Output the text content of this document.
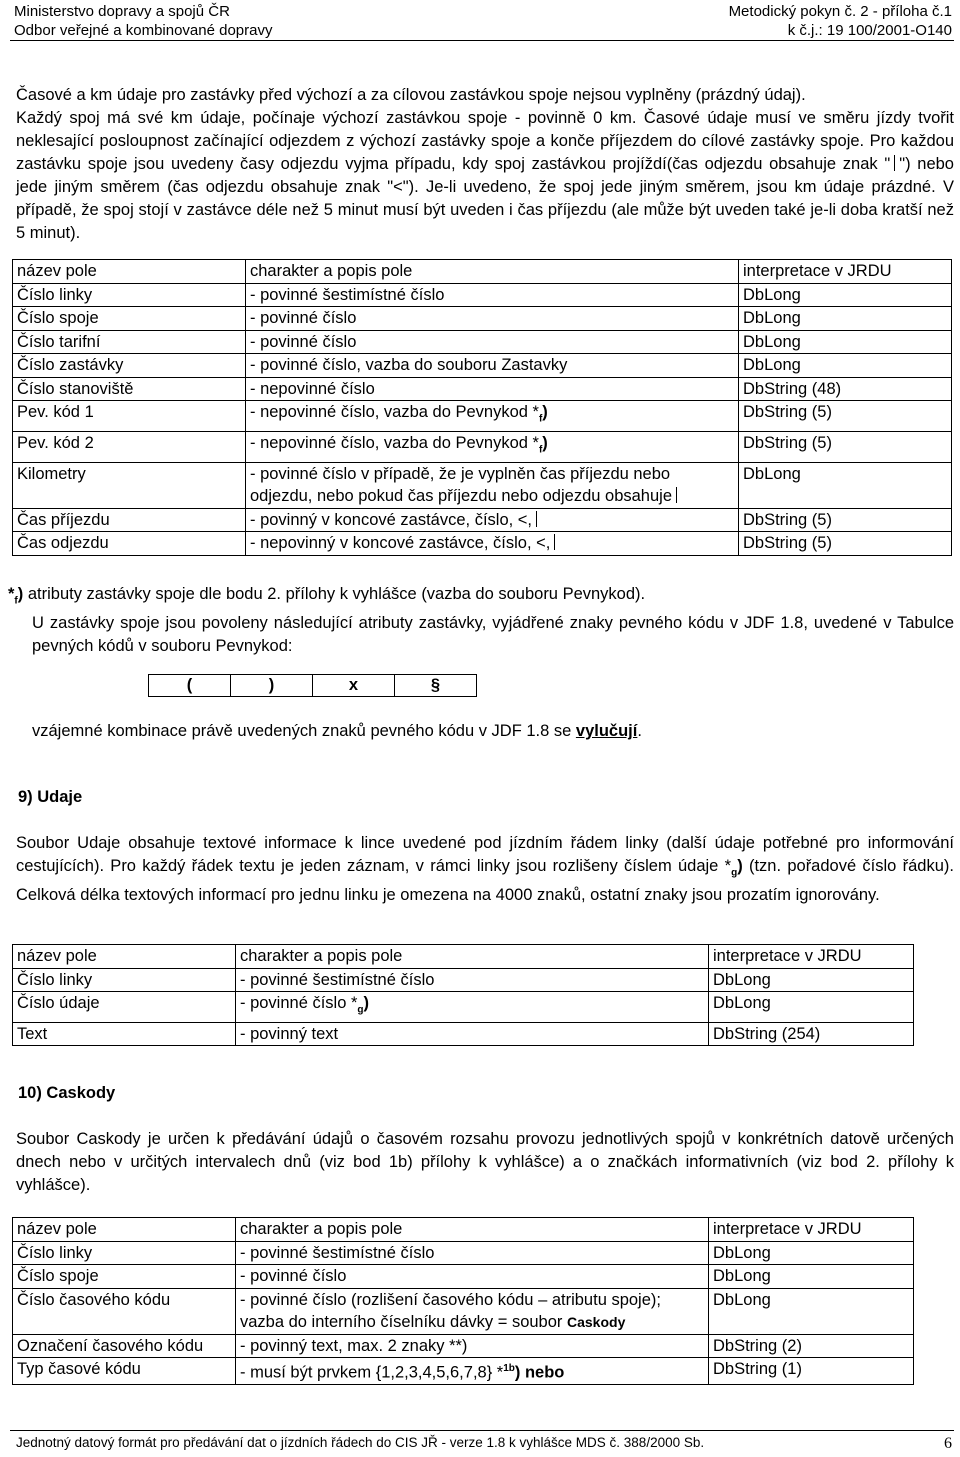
Ministerstvo dopravy a spojů ČR
Odbor veřejné a kombinované dopravy
Metodický pokyn č. 2 - příloha č.1
k č.j.: 19 100/2001-O140
Časové a km údaje pro zastávky před výchozí a za cílovou zastávkou spoje nejsou vyplněny (prázdný údaj).
Každý spoj má své km údaje, počínaje výchozí zastávkou spoje - povinně 0 km. Časové údaje musí ve směru jízdy tvořit neklesající posloupnost začínající odjezdem z výchozí zastávky spoje a konče příjezdem do cílové zastávky spoje. Pro každou zastávku spoje jsou uvedeny časy odjezdu vyjma případu, kdy spoj zastávkou projíždí(čas odjezdu obsahuje znak " ") nebo jede jiným směrem (čas odjezdu obsahuje znak "<"). Je-li uvedeno, že spoj jede jiným směrem, jsou km údaje prázdné. V případě, že spoj stojí v zastávce déle než 5 minut musí být uveden i čas příjezdu (ale může být uveden také je-li doba kratší než 5 minut).
název pole	charakter a popis pole	interpretace v JRDU
Číslo linky	- povinné šestimístné číslo	DbLong
Číslo spoje	- povinné číslo	DbLong
Číslo tarifní	- povinné číslo	DbLong
Číslo zastávky	- povinné číslo, vazba do souboru Zastavky	DbLong
Číslo stanoviště	- nepovinné číslo	DbString (48)
Pev. kód 1	- nepovinné číslo, vazba do Pevnykod $*_f$)	DbString (5)
Pev. kód 2	- nepovinné číslo, vazba do Pevnykod $*_f$)	DbString (5)
Kilometry	- povinné číslo v případě, že je vyplněn čas příjezdu nebo odjezdu, nebo pokud čas příjezdu nebo odjezdu obsahuje	DbLong
Čas příjezdu	- povinný v koncové zastávce, číslo, <,	DbString (5)
Čas odjezdu	- nepovinný v koncové zastávce, číslo, <,	DbString (5)
$*_f$) atributy zastávky spoje dle bodu 2. přílohy k vyhlášce (vazba do souboru Pevnykod).
U zastávky spoje jsou povoleny následující atributy zastávky, vyjádřené znaky pevného kódu v JDF 1.8, uvedené v Tabulce pevných kódů v souboru Pevnykod:
(	)	x	§
vzájemné kombinace právě uvedených znaků pevného kódu v JDF 1.8 se vylučují.
9) Udaje
Soubor Udaje obsahuje textové informace k lince uvedené pod jízdním řádem linky (další údaje potřebné pro informování cestujících). Pro každý řádek textu je jeden záznam, v rámci linky jsou rozlišeny číslem údaje $*_g$) (tzn. pořadové číslo řádku). Celková délka textových informací pro jednu linku je omezena na 4000 znaků, ostatní znaky jsou prozatím ignorovány.
název pole	charakter a popis pole	interpretace v JRDU
Číslo linky	- povinné šestimístné číslo	DbLong
Číslo údaje	- povinné číslo $*_g$)	DbLong
Text	- povinný text	DbString (254)
10) Caskody
Soubor Caskody je určen k předávání údajů o časovém rozsahu provozu jednotlivých spojů v konkrétních datově určených dnech nebo v určitých intervalech dnů (viz bod 1b) přílohy k vyhlášce) a o značkách informativních (viz bod 2. přílohy k vyhlášce).
název pole	charakter a popis pole	interpretace v JRDU
Číslo linky	- povinné šestimístné číslo	DbLong
Číslo spoje	- povinné číslo	DbLong
Číslo časového kódu	- povinné číslo (rozlišení časového kódu – atributu spoje); vazba do interního číselníku dávky = soubor Caskody	DbLong
Označení časového kódu	- povinný text, max. 2 znaky **)	DbString (2)
Typ časové kódu	- musí být prvkem {1,2,3,4,5,6,7,8} *$^{1b}$) nebo	DbString (1)
Jednotný datový formát pro předávání dat o jízdních řádech do CIS JŘ - verze 1.8 k vyhlášce MDS č. 388/2000 Sb.	6
